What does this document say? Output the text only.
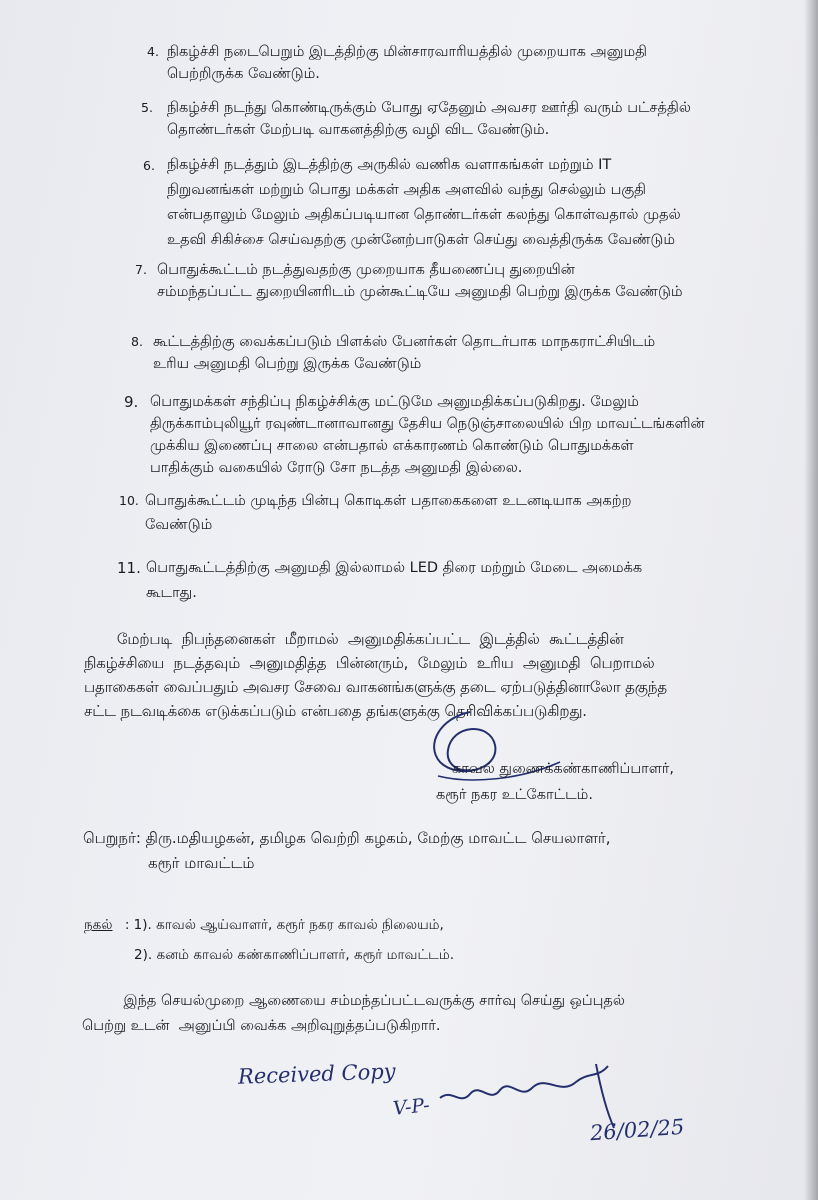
4. நிகழ்ச்சி நடைபெறும் இடத்திற்கு மின்சாரவாரியத்தில் முறையாக அனுமதி
பெற்றிருக்க வேண்டும்.
5. நிகழ்ச்சி நடந்து கொண்டிருக்கும் போது ஏதேனும் அவசர ஊர்தி வரும் பட்சத்தில்
தொண்டர்கள் மேற்படி வாகனத்திற்கு வழி விட வேண்டும்.
6. நிகழ்ச்சி நடத்தும் இடத்திற்கு அருகில் வணிக வளாகங்கள் மற்றும் IT
நிறுவனங்கள் மற்றும் பொது மக்கள் அதிக அளவில் வந்து செல்லும் பகுதி
என்பதாலும் மேலும் அதிகப்படியான தொண்டர்கள் கலந்து கொள்வதால் முதல்
உதவி சிகிச்சை செய்வதற்கு முன்னேற்பாடுகள் செய்து வைத்திருக்க வேண்டும்
7. பொதுக்கூட்டம் நடத்துவதற்கு முறையாக தீயணைப்பு துறையின்
சம்மந்தப்பட்ட துறையினரிடம் முன்கூட்டியே அனுமதி பெற்று இருக்க வேண்டும்
8. கூட்டத்திற்கு வைக்கப்படும் பிளக்ஸ் பேனர்கள் தொடர்பாக மாநகராட்சியிடம்
உரிய அனுமதி பெற்று இருக்க வேண்டும்
9. பொதுமக்கள் சந்திப்பு நிகழ்ச்சிக்கு மட்டுமே அனுமதிக்கப்படுகிறது. மேலும்
திருக்காம்புலியூர் ரவுண்டானாவானது தேசிய நெடுஞ்சாலையில் பிற மாவட்டங்களின்
முக்கிய இணைப்பு சாலை என்பதால் எக்காரணம் கொண்டும் பொதுமக்கள்
பாதிக்கும் வகையில் ரோடு சோ நடத்த அனுமதி இல்லை.
10. பொதுக்கூட்டம் முடிந்த பின்பு கொடிகள் பதாகைகளை உடனடியாக அகற்ற
வேண்டும்
11. பொதுகூட்டத்திற்கு அனுமதி இல்லாமல் LED திரை மற்றும் மேடை அமைக்க
கூடாது.
மேற்படி  நிபந்தனைகள்  மீறாமல்  அனுமதிக்கப்பட்ட  இடத்தில்  கூட்டத்தின்
நிகழ்ச்சியை  நடத்தவும்  அனுமதித்த  பின்னரும்,  மேலும்  உரிய  அனுமதி  பெறாமல்
பதாகைகள் வைப்பதும் அவசர சேவை வாகனங்களுக்கு தடை ஏற்படுத்தினாலோ தகுந்த
சட்ட நடவடிக்கை எடுக்கப்படும் என்பதை தங்களுக்கு தெரிவிக்கப்படுகிறது.
காவல் துணைக்கண்காணிப்பாளர்,
கரூர் நகர உட்கோட்டம்.
பெறுநர்: திரு.மதியழகன், தமிழக வெற்றி கழகம், மேற்கு மாவட்ட செயலாளர்,
கரூர் மாவட்டம்
நகல் : 1). காவல் ஆய்வாளர், கரூர் நகர காவல் நிலையம்,
2). கனம் காவல் கண்காணிப்பாளர், கரூர் மாவட்டம்.
இந்த செயல்முறை ஆணையை சம்மந்தப்பட்டவருக்கு சார்வு செய்து ஒப்புதல்
பெற்று உடன்  அனுப்பி வைக்க அறிவுறுத்தப்படுகிறார்.
Received Copy
V-P-
26/02/25
